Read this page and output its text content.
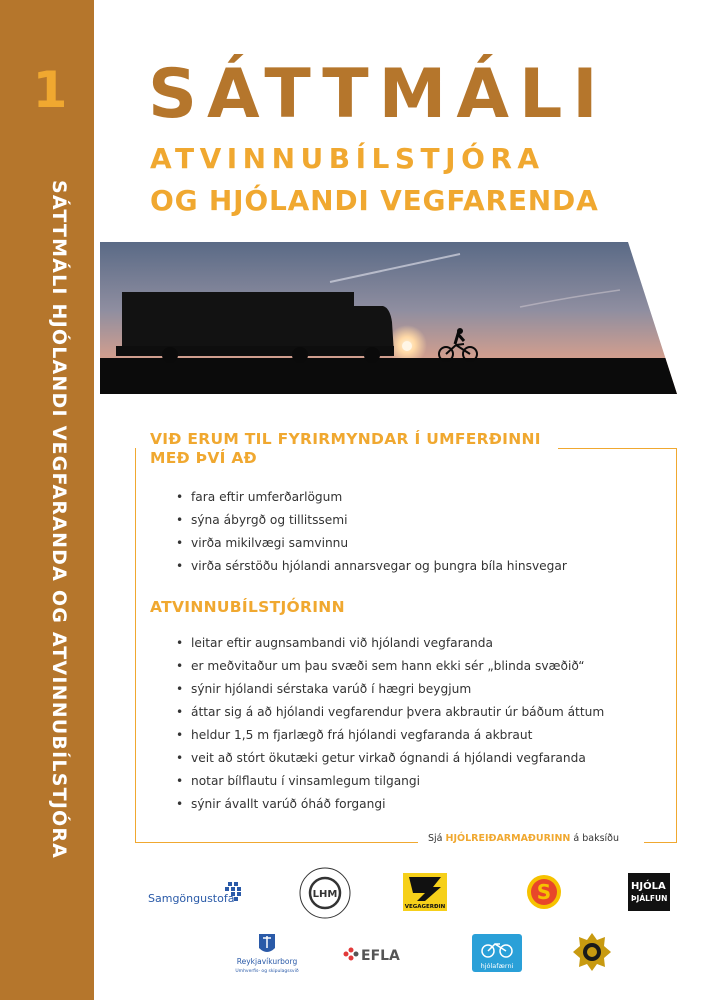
1
SÁTTMÁLI HJÓLANDI VEGFARANDA OG ATVINNUBÍLSTJÓRA
SÁTTMÁLI
ATVINNUBÍLSTJÓRA
OG HJÓLANDI VEGFARENDA
VIÐ ERUM TIL FYRIRMYNDAR Í UMFERÐINNI
MEÐ ÞVÍ AÐ
• fara eftir umferðarlögum
• sýna ábyrgð og tillitssemi
• virða mikilvægi samvinnu
• virða sérstöðu hjólandi annarsvegar og þungra bíla hinsvegar
ATVINNUBÍLSTJÓRINN
• leitar eftir augnsambandi við hjólandi vegfaranda
• er meðvitaður um þau svæði sem hann ekki sér „blinda svæðið“
• sýnir hjólandi sérstaka varúð í hægri beygjum
• áttar sig á að hjólandi vegfarendur þvera akbrautir úr báðum áttum
• heldur 1,5 m fjarlægð frá hjólandi vegfaranda á akbraut
• veit að stórt ökutæki getur virkað ógnandi á hjólandi vegfaranda
• notar bílflautu í vinsamlegum tilgangi
• sýnir ávallt varúð óháð forgangi
Sjá HJÓLREIÐARMAÐURINN á baksíðu
Samgöngustofa	LHM
VEGAGERÐIN
S	HJÓLA
ÞJÁLFUN
Reykjavíkurborg
Umhverfis- og skipulagssvið
EFLA
hjólafærni
